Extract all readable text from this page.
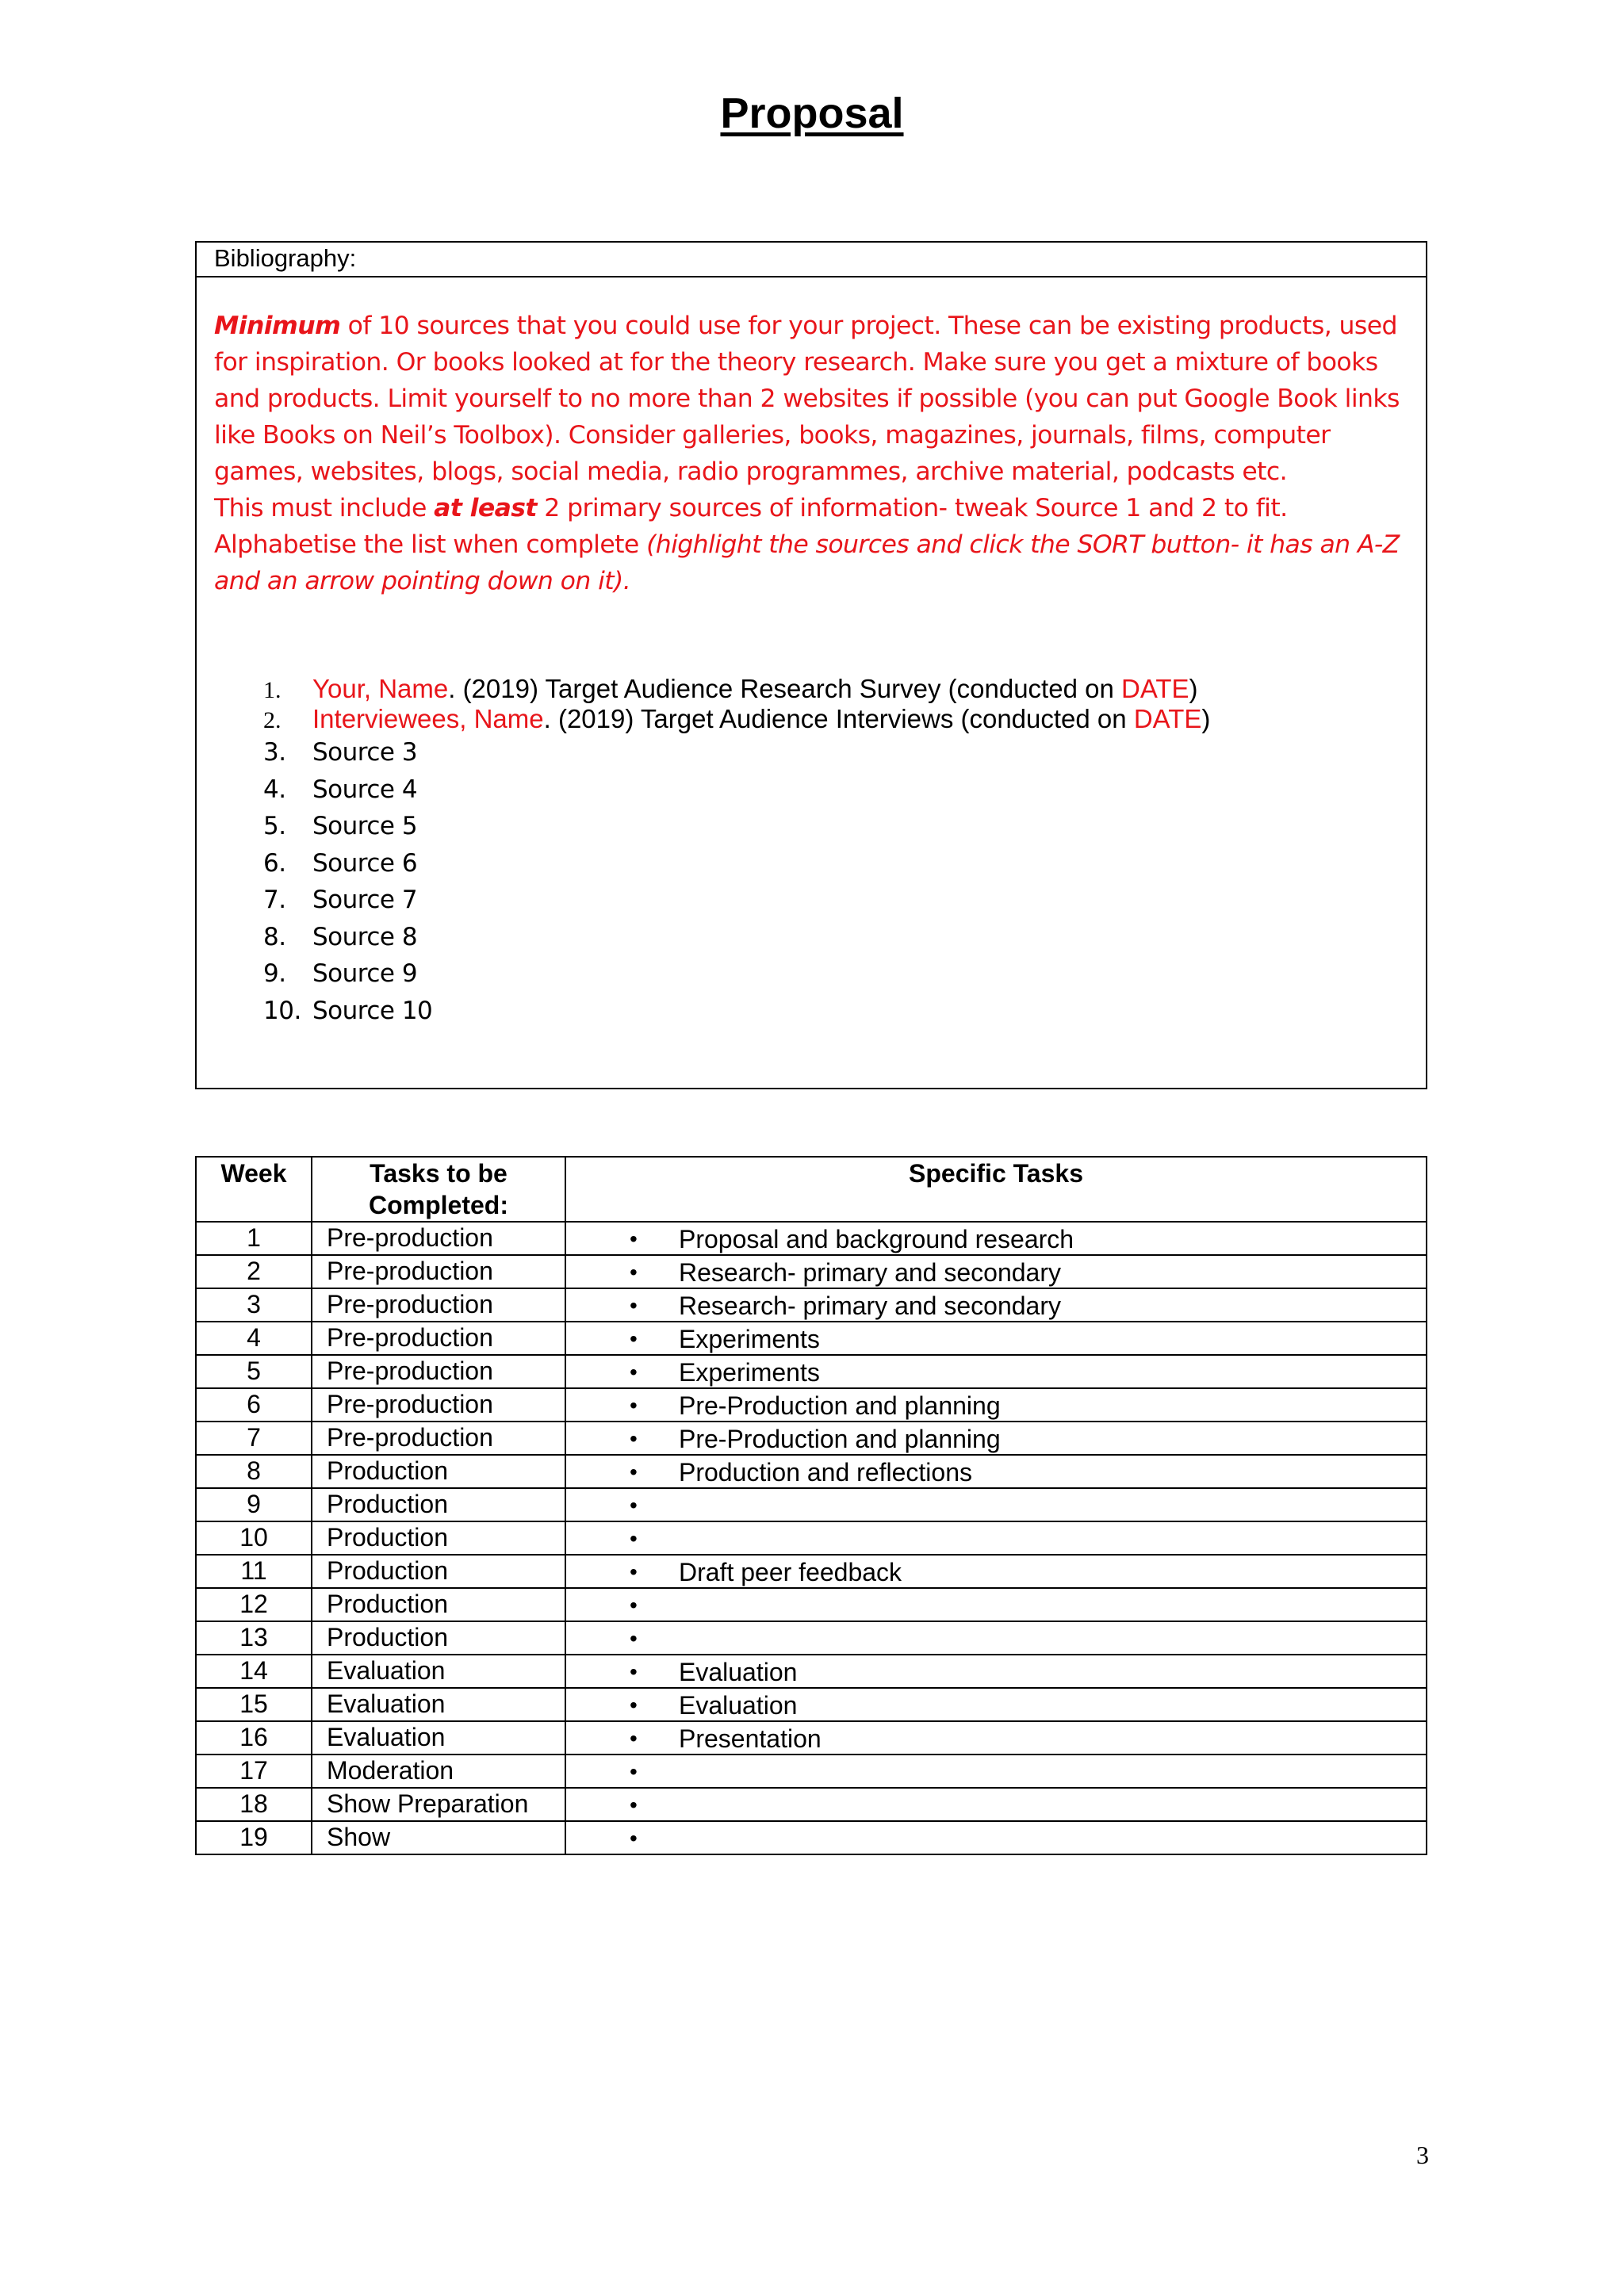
Proposal
Bibliography:
Minimum of 10 sources that you could use for your project. These can be existing products, used for inspiration. Or books looked at for the theory research. Make sure you get a mixture of books and products. Limit yourself to no more than 2 websites if possible (you can put Google Book links like Books on Neil’s Toolbox). Consider galleries, books, magazines, journals, films, computer games, websites, blogs, social media, radio programmes, archive material, podcasts etc.
This must include at least 2 primary sources of information- tweak Source 1 and 2 to fit.
Alphabetise the list when complete (highlight the sources and click the SORT button- it has an A-Z and an arrow pointing down on it).
1. Your, Name. (2019) Target Audience Research Survey (conducted on DATE)
2. Interviewees, Name. (2019) Target Audience Interviews (conducted on DATE)
3. Source 3
4. Source 4
5. Source 5
6. Source 6
7. Source 7
8. Source 8
9. Source 9
10. Source 10
Week	Tasks to be Completed:	Specific Tasks
1	Pre-production	• Proposal and background research

2	Pre-production	• Research- primary and secondary

3	Pre-production	• Research- primary and secondary

4	Pre-production	• Experiments

5	Pre-production	• Experiments

6	Pre-production	• Pre-Production and planning

7	Pre-production	• Pre-Production and planning

8	Production	• Production and reflections

9	Production	•

10	Production	•

11	Production	• Draft peer feedback

12	Production	•

13	Production	•

14	Evaluation	• Evaluation

15	Evaluation	• Evaluation

16	Evaluation	• Presentation

17	Moderation	•

18	Show Preparation	•

19	Show	•
3
